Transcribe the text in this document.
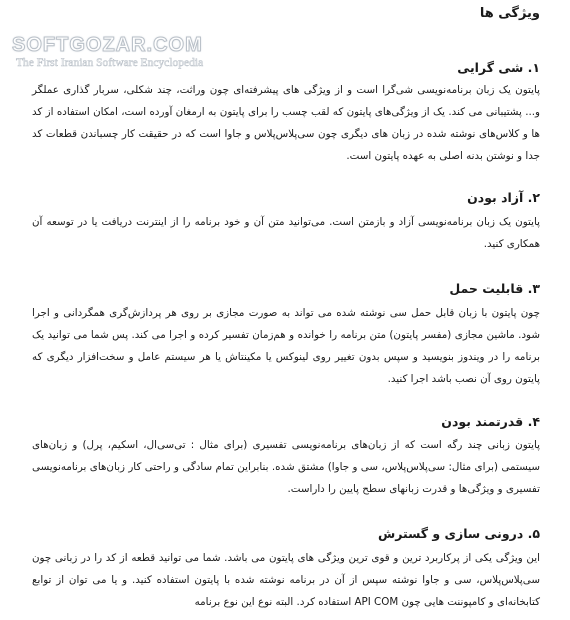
SOFTGOZAR.COM
The First Iranian Software Encyclopedia
ویژگی ها
۱. شی گرایی

پایتون یک زبان برنامه‌نویسی شی‌گرا است و از ویژگی های پیشرفته‌ای چون وراثت، چند شکلی، سربار گذاری عملگر و... پشتیبانی می کند. یک از ویژگی‌های پایتون که لقب چسب را برای پایتون به ارمغان آورده است، امکان استفاده از کد ها و کلاس‌های نوشته شده در زبان های دیگری چون سی‌پلاس‌پلاس و جاوا است که در حقیقت کار چسباندن قطعات کد جدا و نوشتن بدنه اصلی به عهده پایتون است.

۲. آزاد بودن

پایتون یک زبان برنامه‌نویسی آزاد و بازمتن است. می‌توانید متن آن و خود برنامه را از اینترنت دریافت یا در توسعه آن همکاری کنید.

۳. قابلیت حمل

چون پایتون با زبان قابل حمل سی نوشته شده می تواند به صورت مجازی بر روی هر پردازش‌گری همگردانی و اجرا شود. ماشین مجازی (مفسر پایتون) متن برنامه را خوانده و هم‌زمان تفسیر کرده و اجرا می کند. پس شما می توانید یک برنامه را در ویندوز بنویسید و سپس بدون تغییر روی لینوکس یا مکینتاش یا هر سیستم عامل و سخت‌افزار دیگری که پایتون روی آن نصب باشد اجرا کنید.

۴. قدرتمند بودن

پایتون زبانی چند رگه است که از زبان‌های برنامه‌نویسی تفسیری (برای مثال : تی‌سی‌ال، اسکیم، پرل) و زبان‌های سیستمی (برای مثال: سی‌پلاس‌پلاس، سی و جاوا) مشتق شده. بنابراین تمام سادگی و راحتی کار زبان‌های برنامه‌نویسی تفسیری و ویژگی‌ها و قدرت زبانهای سطح پایین را داراست.

۵. درونی سازی و گسترش

این ویژگی یکی از پرکاربرد ترین و قوی ترین ویژگی های پایتون می باشد. شما می توانید قطعه از کد را در زبانی چون سی‌پلاس‌پلاس، سی و جاوا نوشته سپس از آن در برنامه نوشته شده با پایتون استفاده کنید. و یا می توان از توابع کتابخانه‌ای و کامپوننت هایی چون API COM استفاده کرد. البته نوع این نوع برنامه
